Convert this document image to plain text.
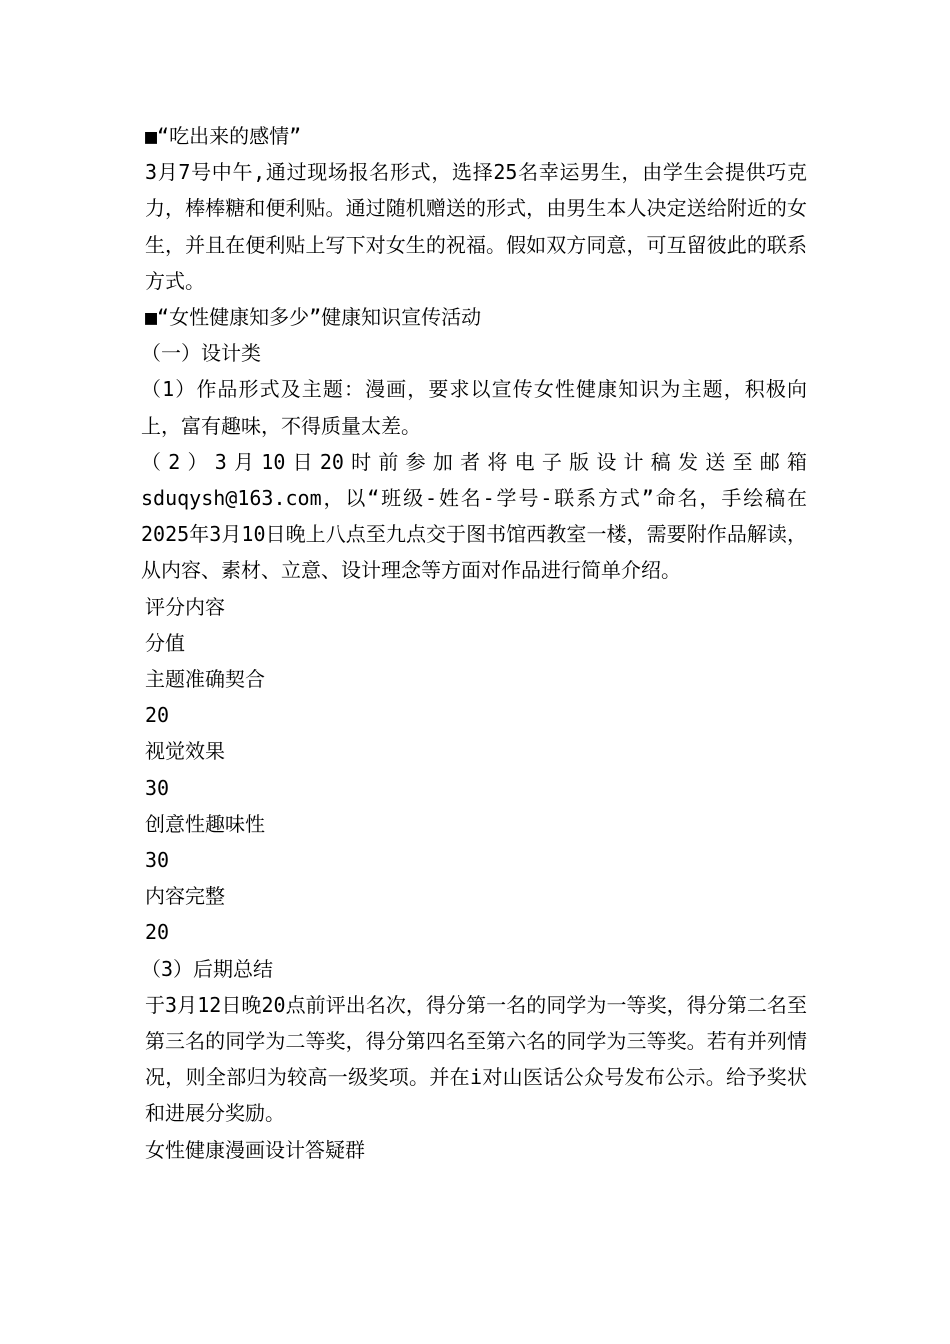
■“吃出来的感情”

3月7号中午,通过现场报名形式，选择25名幸运男生，由学生会提供巧克力，棒棒糖和便利贴。通过随机赠送的形式，由男生本人决定送给附近的女生，并且在便利贴上写下对女生的祝福。假如双方同意，可互留彼此的联系方式。

■“女性健康知多少”健康知识宣传活动

（一）设计类

（1）作品形式及主题：漫画，要求以宣传女性健康知识为主题，积极向上，富有趣味，不得质量太差。

（2）3月10日20时前参加者将电子版设计稿发送至邮箱sduqysh@163.com，以“班级-姓名-学号-联系方式”命名，手绘稿在2025年3月10日晚上八点至九点交于图书馆西教室一楼，需要附作品解读，从内容、素材、立意、设计理念等方面对作品进行简单介绍。

评分内容

分值

主题准确契合

20

视觉效果

30

创意性趣味性

30

内容完整

20

（3）后期总结

于3月12日晚20点前评出名次，得分第一名的同学为一等奖，得分第二名至第三名的同学为二等奖，得分第四名至第六名的同学为三等奖。若有并列情况，则全部归为较高一级奖项。并在i对山医话公众号发布公示。给予奖状和进展分奖励。

女性健康漫画设计答疑群
